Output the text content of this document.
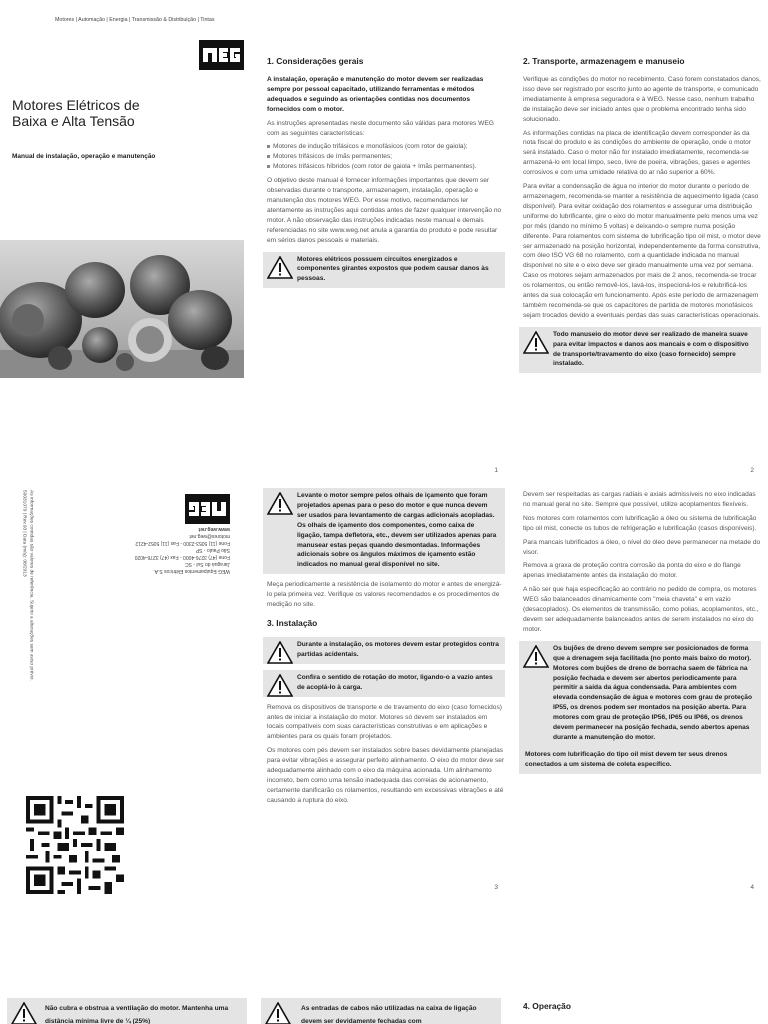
Motores | Automação | Energia | Transmissão & Distribuição | Tintas
Motores Elétricos de
Baixa e Alta Tensão
Manual de instalação, operação e manutenção
1. Considerações gerais
A instalação, operação e manutenção do motor devem ser realizadas sempre por pessoal capacitado, utilizando ferramentas e métodos adequados e seguindo as orientações contidas nos documentos fornecidos com o motor.
As instruções apresentadas neste documento são válidas para motores WEG com as seguintes características:
Motores de indução trifásicos e monofásicos (com rotor de gaiola);
Motores trifásicos de ímãs permanentes;
Motores trifásicos híbridos (com rotor de gaiola + ímãs permanentes).
O objetivo deste manual é fornecer informações importantes que devem ser observadas durante o transporte, armazenagem, instalação, operação e manutenção dos motores WEG. Por esse motivo, recomendamos ler atentamente as instruções aqui contidas antes de fazer qualquer intervenção no motor. A não observação das instruções indicadas neste manual e demais referenciadas no site www.weg.net anula a garantia do produto e pode resultar em sérios danos pessoais e materiais.
Motores elétricos possuem circuitos energizados e componentes girantes expostos que podem causar danos às pessoas.
1
2. Transporte, armazenagem e manuseio
Verifique as condições do motor no recebimento. Caso forem constatados danos, isso deve ser registrado por escrito junto ao agente de transporte, e comunicado imediatamente à empresa seguradora e à WEG. Nesse caso, nenhum trabalho de instalação deve ser iniciado antes que o problema encontrado tenha sido solucionado.
As informações contidas na placa de identificação devem corresponder às da nota fiscal do produto e às condições do ambiente de operação, onde o motor será instalado. Caso o motor não for instalado imediatamente, recomenda-se armazená-lo em local limpo, seco, livre de poeira, vibrações, gases e agentes corrosivos e com uma umidade relativa do ar não superior a 60%.
Para evitar a condensação de água no interior do motor durante o período de armazenagem, recomenda-se manter a resistência de aquecimento ligada (caso disponível). Para evitar oxidação dos rolamentos e assegurar uma distribuição uniforme do lubrificante, gire o eixo do motor manualmente pelo menos uma vez por mês (dando no mínimo 5 voltas) e deixando-o sempre numa posição diferente. Para rolamentos com sistema de lubrificação tipo oil mist, o motor deve ser armazenado na posição horizontal, independentemente da forma construtiva, com óleo ISO VG 68 no rolamento, com a quantidade indicada no manual disponível no site e o eixo deve ser girado manualmente uma vez por semana. Caso os motores sejam armazenados por mais de 2 anos, recomenda-se trocar os rolamentos, ou então removê-los, lavá-los, inspecioná-los e relubrificá-los antes da sua colocação em funcionamento. Após este período de armazenagem também recomenda-se que os capacitores de partida de motores monofásicos sejam trocados devido a eventuais perdas das suas características operacionais.
Todo manuseio do motor deve ser realizado de maneira suave para evitar impactos e danos aos mancais e com o dispositivo de transporte/travamento do eixo (caso fornecido) sempre instalado.
2
WEG Equipamentos Elétricos S.A.
Jaraguá do Sul - SC
Fone (47) 3276-4000 - Fax (47) 3276-4020
São Paulo - SP
Fone (11) 5053-2300 - Fax (11) 5052-4212
motores@weg.net
www.weg.net
50031070 | Rev.03 | Data (m/a): 08/2013
Sujeito a alterações sem aviso prévio.
As informações contidas são valores de referência.	Levante o motor sempre pelos olhais de içamento que foram projetados apenas para o peso do motor e que nunca devem ser usados para levantamento de cargas adicionais acopladas. Os olhais de içamento dos componentes, como caixa de ligação, tampa defletora, etc., devem ser utilizados apenas para manusear estas peças quando desmontadas. Informações adicionais sobre os ângulos máximos de içamento estão indicados no manual geral disponível no site.
Meça periodicamente a resistência de isolamento do motor e antes de energizá-lo pela primeira vez. Verifique os valores recomendados e os procedimentos de medição no site.
3. Instalação
Durante a instalação, os motores devem estar protegidos contra partidas acidentais.
Confira o sentido de rotação do motor, ligando-o a vazio antes de acoplá-lo à carga.
Remova os dispositivos de transporte e de travamento do eixo (caso fornecidos) antes de iniciar a instalação do motor. Motores só devem ser instalados em locais compatíveis com suas características construtivas e em aplicações e ambientes para os quais foram projetados.
Os motores com pés devem ser instalados sobre bases devidamente planejadas para evitar vibrações e assegurar perfeito alinhamento. O eixo do motor deve ser adequadamente alinhado com o eixo da máquina acionada. Um alinhamento incorreto, bem como uma tensão inadequada das correias de acionamento, certamente danificarão os rolamentos, resultando em excessivas vibrações e até causando a ruptura do eixo.
3
Devem ser respeitadas as cargas radiais e axiais admissíveis no eixo indicadas no manual geral no site. Sempre que possível, utilize acoplamentos flexíveis.
Nos motores com rolamentos com lubrificação a óleo ou sistema de lubrificação tipo oil mist, conecte os tubos de refrigeração e lubrificação (casos disponíveis).
Para mancais lubrificados a óleo, o nível do óleo deve permanecer na metade do visor.
Remova a graxa de proteção contra corrosão da ponta do eixo e do flange apenas imediatamente antes da instalação do motor.
A não ser que haja especificação ao contrário no pedido de compra, os motores WEG são balanceados dinamicamente com "meia chaveta" e em vazio (desacoplados). Os elementos de transmissão, como polias, acoplamentos, etc., devem ser adequadamente balanceados antes de serem instalados no eixo do motor.
Os bujões de dreno devem sempre ser posicionados de forma que a drenagem seja facilitada (no ponto mais baixo do motor). Motores com bujões de dreno de borracha saem de fábrica na posição fechada e devem ser abertos periodicamente para permitir a saída da água condensada. Para ambientes com elevada condensação de água e motores com grau de proteção IP55, os drenos podem ser montados na posição aberta. Para motores com grau de proteção IP56, IP65 ou IP66, os drenos devem permanecer na posição fechada, sendo abertos apenas durante a manutenção do motor.
Motores com lubrificação do tipo oil mist devem ter seus drenos conectados a um sistema de coleta específico.
4
Não cubra e obstrua a ventilação do motor. Mantenha uma distância mínima livre de ¼ (25%)
As entradas de cabos não utilizadas na caixa de ligação devem ser devidamente fechadas com
4. Operação
